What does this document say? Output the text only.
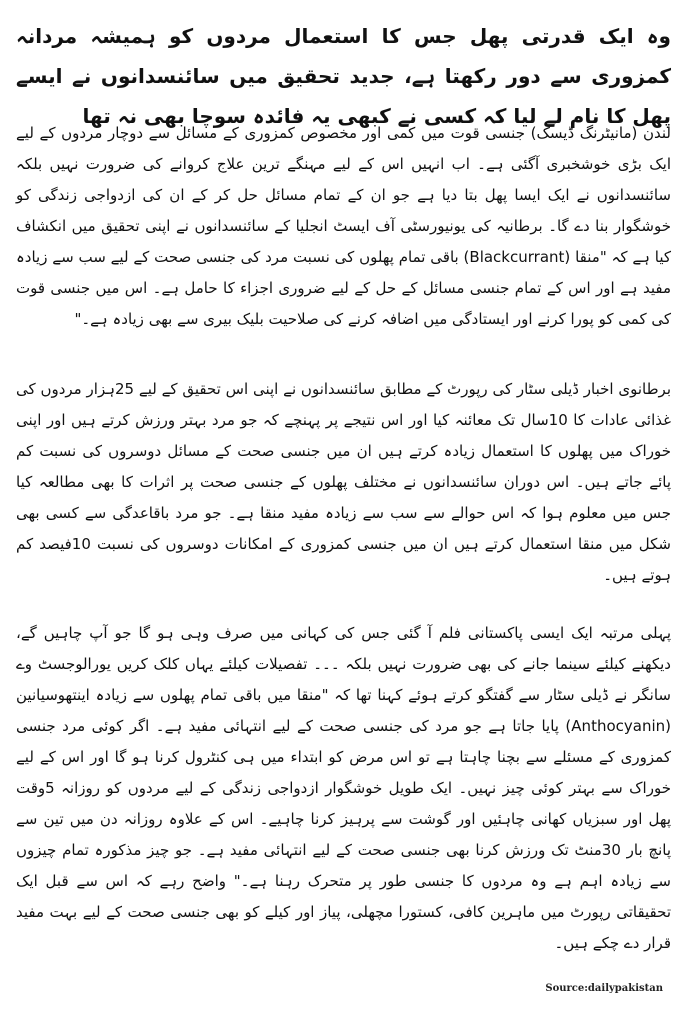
وہ ایک قدرتی پھل جس کا استعمال مردوں کو ہمیشہ مردانہ کمزوری سے دور رکھتا ہے، جدید تحقیق میں سائنسدانوں نے ایسے پھل کا نام لے لیا کہ کسی نے کبھی یہ فائدہ سوچا بھی نہ تھا
لندن (مانیٹرنگ ڈیسک) جنسی قوت میں کمی اور مخصوص کمزوری کے مسائل سے دوچار مردوں کے لیے ایک بڑی خوشخبری آگئی ہے۔ اب انہیں اس کے لیے مہنگے ترین علاج کروانے کی ضرورت نہیں بلکہ سائنسدانوں نے ایک ایسا پھل بتا دیا ہے جو ان کے تمام مسائل حل کر کے ان کی ازدواجی زندگی کو خوشگوار بنا دے گا۔ برطانیہ کی یونیورسٹی آف ایسٹ انجلیا کے سائنسدانوں نے اپنی تحقیق میں انکشاف کیا ہے کہ "منقا (Blackcurrant) باقی تمام پھلوں کی نسبت مرد کی جنسی صحت کے لیے سب سے زیادہ مفید ہے اور اس کے تمام جنسی مسائل کے حل کے لیے ضروری اجزاء کا حامل ہے۔ اس میں جنسی قوت کی کمی کو پورا کرنے اور ایستادگی میں اضافہ کرنے کی صلاحیت بلیک بیری سے بھی زیادہ ہے۔"
برطانوی اخبار ڈیلی سٹار کی رپورٹ کے مطابق سائنسدانوں نے اپنی اس تحقیق کے لیے 25ہزار مردوں کی غذائی عادات کا 10سال تک معائنہ کیا اور اس نتیجے پر پہنچے کہ جو مرد بہتر ورزش کرتے ہیں اور اپنی خوراک میں پھلوں کا استعمال زیادہ کرتے ہیں ان میں جنسی صحت کے مسائل دوسروں کی نسبت کم پائے جاتے ہیں۔ اس دوران سائنسدانوں نے مختلف پھلوں کے جنسی صحت پر اثرات کا بھی مطالعہ کیا جس میں معلوم ہوا کہ اس حوالے سے سب سے زیادہ مفید منقا ہے۔ جو مرد باقاعدگی سے کسی بھی شکل میں منقا استعمال کرتے ہیں ان میں جنسی کمزوری کے امکانات دوسروں کی نسبت 10فیصد کم ہوتے ہیں۔
پہلی مرتبہ ایک ایسی پاکستانی فلم آ گئی جس کی کہانی میں صرف وہی ہو گا جو آپ چاہیں گے، دیکھنے کیلئے سینما جانے کی بھی ضرورت نہیں بلکہ ۔۔۔ تفصیلات کیلئے یہاں کلک کریں یورالوجسٹ وے سانگر نے ڈیلی سٹار سے گفتگو کرتے ہوئے کہنا تھا کہ "منقا میں باقی تمام پھلوں سے زیادہ اینتھوسیانین (Anthocyanin) پایا جاتا ہے جو مرد کی جنسی صحت کے لیے انتہائی مفید ہے۔ اگر کوئی مرد جنسی کمزوری کے مسئلے سے بچنا چاہتا ہے تو اس مرض کو ابتداء میں ہی کنٹرول کرنا ہو گا اور اس کے لیے خوراک سے بہتر کوئی چیز نہیں۔ ایک طویل خوشگوار ازدواجی زندگی کے لیے مردوں کو روزانہ 5وقت پھل اور سبزیاں کھانی چاہئیں اور گوشت سے پرہیز کرنا چاہیے۔ اس کے علاوہ روزانہ دن میں تین سے پانچ بار 30منٹ تک ورزش کرنا بھی جنسی صحت کے لیے انتہائی مفید ہے۔ جو چیز مذکورہ تمام چیزوں سے زیادہ اہم ہے وہ مردوں کا جنسی طور پر متحرک رہنا ہے۔" واضح رہے کہ اس سے قبل ایک تحقیقاتی رپورٹ میں ماہرین کافی، کستورا مچھلی، پیاز اور کیلے کو بھی جنسی صحت کے لیے بہت مفید قرار دے چکے ہیں۔
Source:dailypakistan
